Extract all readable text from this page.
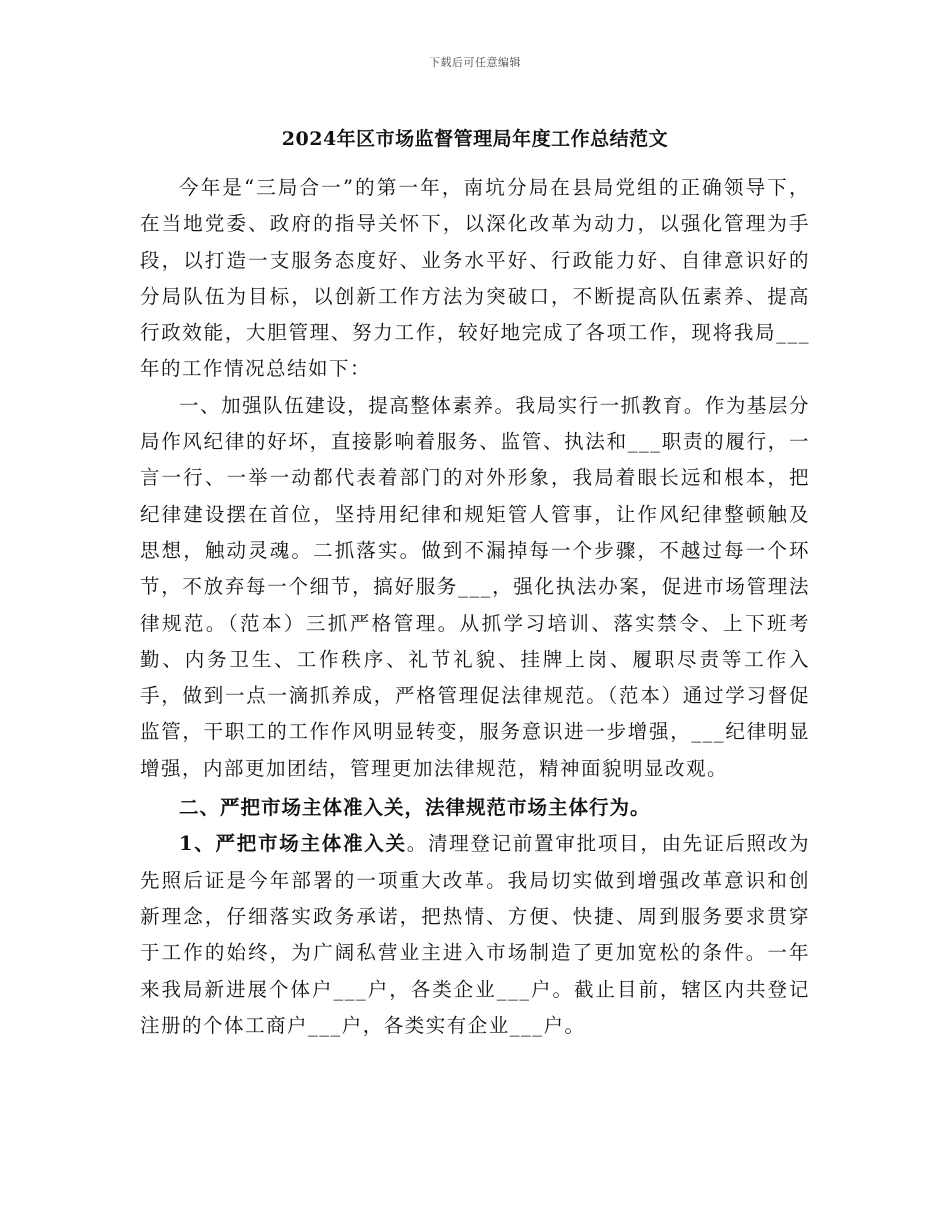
下载后可任意编辑
2024年区市场监督管理局年度工作总结范文

今年是“三局合一”的第一年，南坑分局在县局党组的正确领导下，在当地党委、政府的指导关怀下，以深化改革为动力，以强化管理为手段，以打造一支服务态度好、业务水平好、行政能力好、自律意识好的分局队伍为目标，以创新工作方法为突破口，不断提高队伍素养、提高行政效能，大胆管理、努力工作，较好地完成了各项工作，现将我局___年的工作情况总结如下：

一、加强队伍建设，提高整体素养。我局实行一抓教育。作为基层分局作风纪律的好坏，直接影响着服务、监管、执法和___职责的履行，一言一行、一举一动都代表着部门的对外形象，我局着眼长远和根本，把纪律建设摆在首位，坚持用纪律和规矩管人管事，让作风纪律整顿触及思想，触动灵魂。二抓落实。做到不漏掉每一个步骤，不越过每一个环节，不放弃每一个细节，搞好服务___，强化执法办案，促进市场管理法律规范。（范本）三抓严格管理。从抓学习培训、落实禁令、上下班考勤、内务卫生、工作秩序、礼节礼貌、挂牌上岗、履职尽责等工作入手，做到一点一滴抓养成，严格管理促法律规范。（范本）通过学习督促监管，干职工的工作作风明显转变，服务意识进一步增强，___纪律明显增强，内部更加团结，管理更加法律规范，精神面貌明显改观。

二、严把市场主体准入关，法律规范市场主体行为。

1、严把市场主体准入关。清理登记前置审批项目，由先证后照改为先照后证是今年部署的一项重大改革。我局切实做到增强改革意识和创新理念，仔细落实政务承诺，把热情、方便、快捷、周到服务要求贯穿于工作的始终，为广阔私营业主进入市场制造了更加宽松的条件。一年来我局新进展个体户___户，各类企业___户。截止目前，辖区内共登记注册的个体工商户___户，各类实有企业___户。
